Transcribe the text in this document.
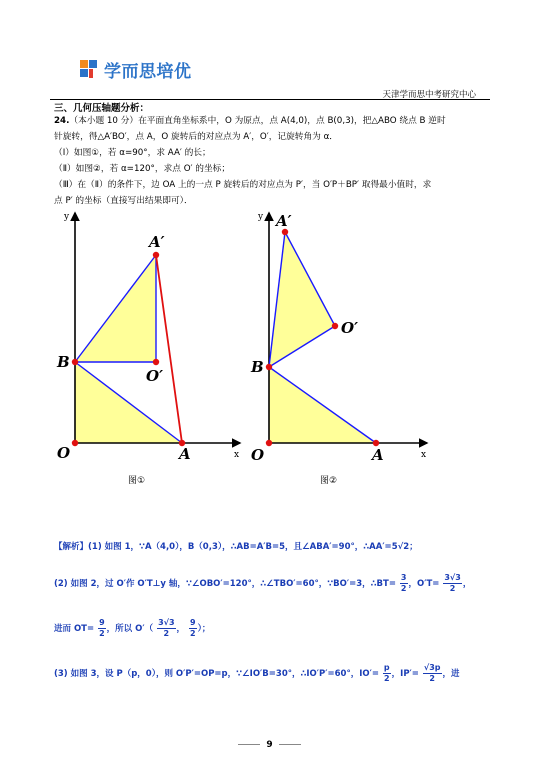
学而思培优
天津学而思中考研究中心
三、几何压轴题分析：

24.（本小题 10 分）在平面直角坐标系中，O 为原点，点 A(4,0)，点 B(0,3)，把△ABO 绕点 B 逆时

针旋转，得△A′BO′，点 A，O 旋转后的对应点为 A′，O′，记旋转角为 α．

（Ⅰ）如图①，若 α=90°，求 AA′ 的长；

（Ⅱ）如图②，若 α=120°，求点 O′ 的坐标；

（Ⅲ）在（Ⅱ）的条件下，边 OA 上的一点 P 旋转后的对应点为 P′，当 O′P＋BP′ 取得最小值时，求

点 P′ 的坐标（直接写出结果即可）．

y
x
O	A
B
A′
O′
图①
y
x
O	A
B
A′
O′
图②
【解析】(1) 如图 1，∵A（4,0），B（0,3），∴AB=A′B=5，且∠ABA′=90°，∴AA′=5√2；
(2) 如图 2，过 O′作 O′T⊥y 轴，∵∠OBO′=120°，∴∠TBO′=60°，∵BO′=3，∴BT= $\frac{3}{2}$ ，$O'T= \frac{3√3}{2}$ ，
进而 $OT= \frac{9}{2}$ ，所以 $O'( \frac{3√3}{2}$ ， $\frac{9}{2}$ ）；
(3) 如图 3，设 P（p，0），则 O′P′=OP=p，∵∠IO′B=30°，∴IO′P′=60°，$IO'= \frac{p}{2}$ ，$IP'= \frac{√3p}{2}$ ，进
9
